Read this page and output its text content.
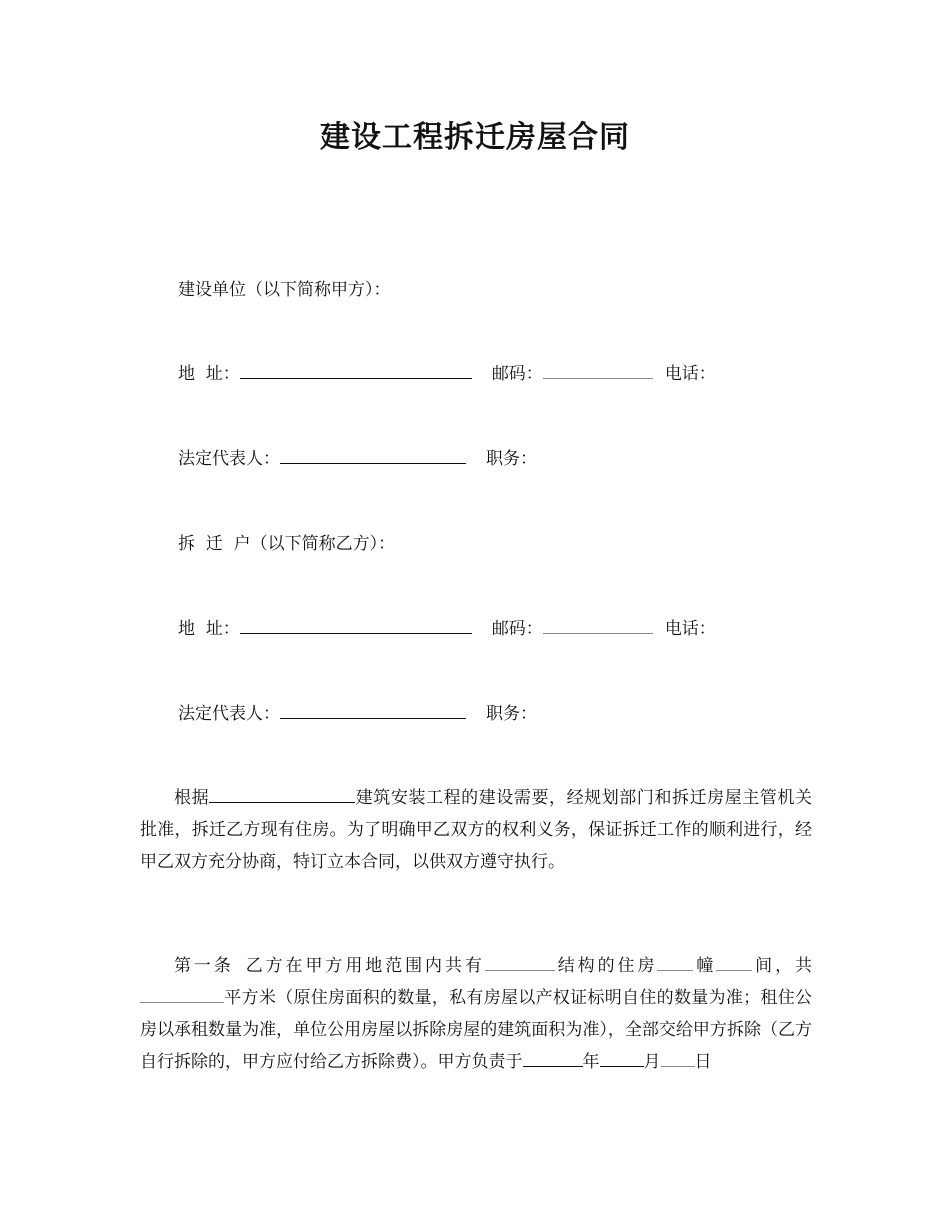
建设工程拆迁房屋合同
建设单位（以下简称甲方）：
地  址：	邮码：	电话：
法定代表人：	职务：
拆  迁  户（以下简称乙方）：
地  址：	邮码：	电话：
法定代表人：	职务：
根据	建筑安装工程的建设需要，经规划部门和拆迁房屋主管机关批准，拆迁乙方现有住房。为了明确甲乙双方的权利义务，保证拆迁工作的顺利进行，经甲乙双方充分协商，特订立本合同，以供双方遵守执行。
第一条 乙方在甲方用地范围内共有	结构的住房 幢 间，共平方米（原住房面积的数量，私有房屋以产权证标明自住的数量为准；租住公房以承租数量为准，单位公用房屋以拆除房屋的建筑面积为准），全部交给甲方拆除（乙方自行拆除的，甲方应付给乙方拆除费）。甲方负责于	年	月 日
